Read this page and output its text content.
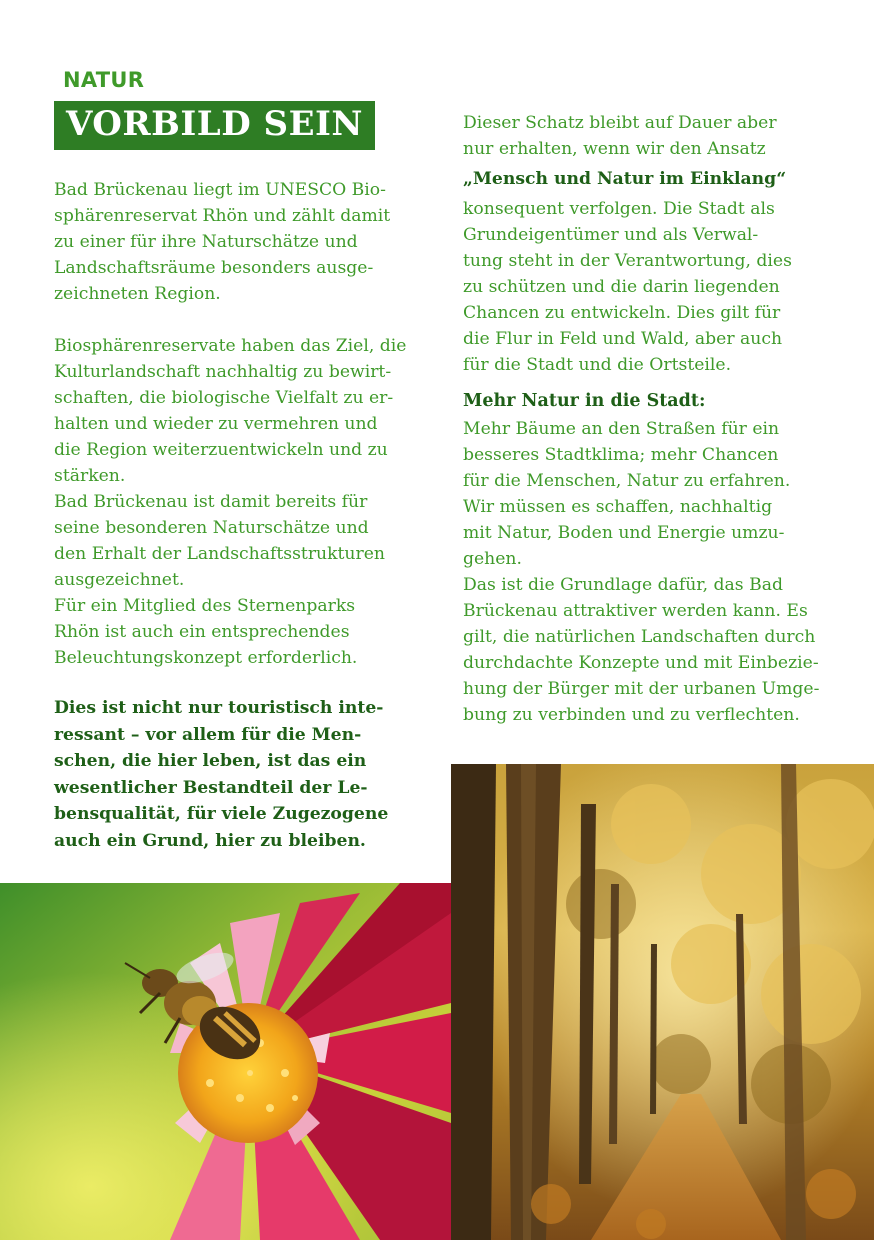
NATUR
VORBILD SEIN

Bad Brückenau liegt im UNESCO Bio-
sphärenreservat Rhön und zählt damit
zu einer für ihre Naturschätze und
Landschaftsräume besonders ausge-
zeichneten Region.

Biosphärenreservate haben das Ziel, die
Kulturlandschaft nachhaltig zu bewirt-
schaften, die biologische Vielfalt zu er-
halten und wieder zu vermehren und
die Region weiterzuentwickeln und zu
stärken.

Bad Brückenau ist damit bereits für
seine besonderen Naturschätze und
den Erhalt der Landschaftsstrukturen
ausgezeichnet.

Für ein Mitglied des Sternenparks
Rhön ist auch ein entsprechendes
Beleuchtungskonzept erforderlich.

Dies ist nicht nur touristisch inte-
ressant – vor allem für die Men-
schen, die hier leben, ist das ein
wesentlicher Bestandteil der Le-
bensqualität, für viele Zugezogene
auch ein Grund, hier zu bleiben.

Dieser Schatz bleibt auf Dauer aber
nur erhalten, wenn wir den Ansatz

„Mensch und Natur im Einklang“

konsequent verfolgen. Die Stadt als
Grundeigentümer und als Verwal-
tung steht in der Verantwortung, dies
zu schützen und die darin liegenden
Chancen zu entwickeln. Dies gilt für
die Flur in Feld und Wald, aber auch
für die Stadt und die Ortsteile.

Mehr Natur in die Stadt:

Mehr Bäume an den Straßen für ein
besseres Stadtklima; mehr Chancen
für die Menschen, Natur zu erfahren.
Wir müssen es schaffen, nachhaltig
mit Natur, Boden und Energie umzu-
gehen.

Das ist die Grundlage dafür, das Bad
Brückenau attraktiver werden kann. Es
gilt, die natürlichen Landschaften durch
durchdachte Konzepte und mit Einbezie-
hung der Bürger mit der urbanen Umge-
bung zu verbinden und zu verflechten.
